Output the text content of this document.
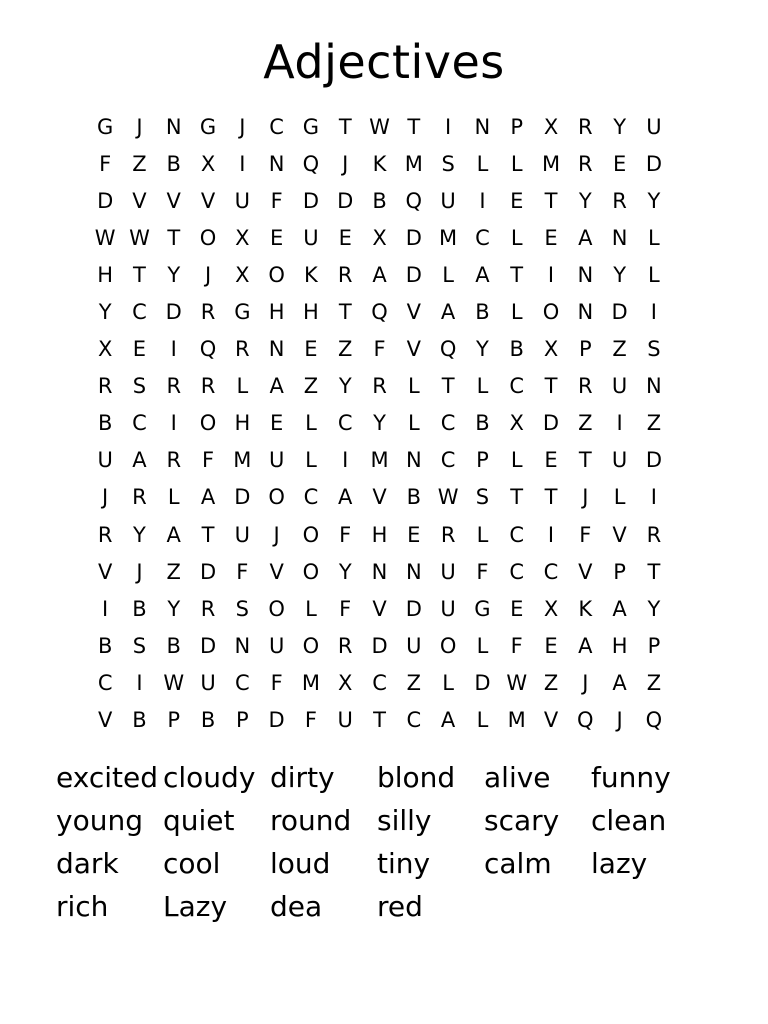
Adjectives
G	J	N G	J	C G T W T	I	N P X R Y U
F	Z B X	I	N Q	J	K M S	L	L M R E D
D V V V U F D D B Q U	I	E	T	Y R Y
W W T O X E U E X D M C	L	E A N L
H T	Y	J	X O K R A D L	A T	I	N Y	L
Y C D R G H H T Q V A B	L O N D	I
X E	I	Q R N E Z	F	V Q Y B X P Z S
R S R R	L	A Z Y R	L	T	L	C T R U N
B C	I	O H E	L	C Y	L	C B X D Z	I	Z
U A R F M U L	I	M N C P	L	E	T U D
J	R	L	A D O C A V B W S	T	T	J	L	I
R Y A T U	J	O F H E R	L	C	I	F	V R
V	J	Z D F	V O Y N N U F C C V P	T
I	B Y R S O L	F	V D U G E X K A Y
B S B D N U O R D U O L	F	E A H P
C	I W U C F M X C Z	L D W Z	J	A Z
V B P B P D F U T C A	L M V Q	J	Q
excited cloudy dirty	blond	alive	funny
young quiet	round silly	scary	clean
dark	cool	loud	tiny	calm	lazy
rich	Lazy	dea	red
